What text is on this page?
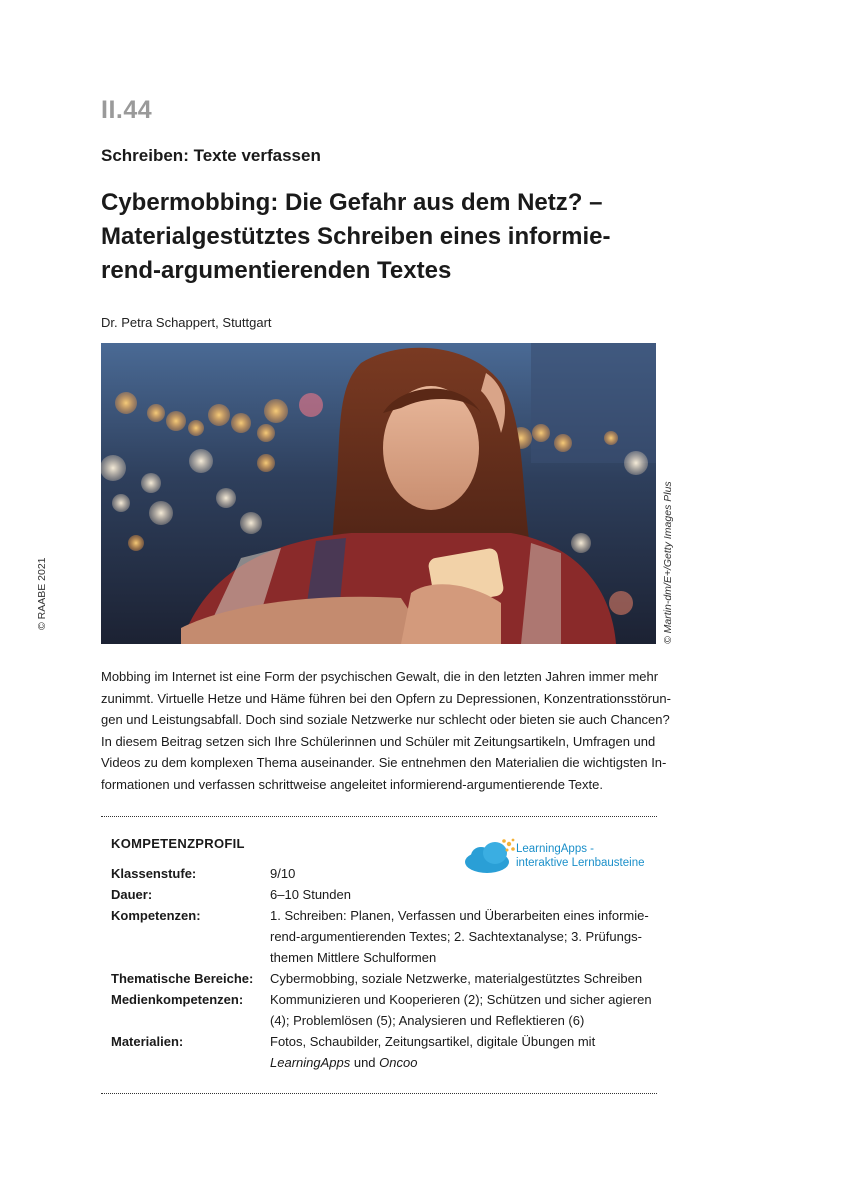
II.44
Schreiben: Texte verfassen
Cybermobbing: Die Gefahr aus dem Netz? –
Materialgestütztes Schreiben eines informie-
rend-argumentierenden Textes
Dr. Petra Schappert, Stuttgart
© Martin-dm/E+/Getty Images Plus
© RAABE 2021

Mobbing im Internet ist eine Form der psychischen Gewalt, die in den letzten Jahren immer mehr
zunimmt. Virtuelle Hetze und Häme führen bei den Opfern zu Depressionen, Konzentrationsstörun-
gen und Leistungsabfall. Doch sind soziale Netzwerke nur schlecht oder bieten sie auch Chancen?
In diesem Beitrag setzen sich Ihre Schülerinnen und Schüler mit Zeitungsartikeln, Umfragen und
Videos zu dem komplexen Thema auseinander. Sie entnehmen den Materialien die wichtigsten In-
formationen und verfassen schrittweise angeleitet informierend-argumentierende Texte.

KOMPETENZPROFIL	LearningApps -
interaktive Lernbausteine
Klassenstufe:	9/10
Dauer:	6–10 Stunden
Kompetenzen:	1. Schreiben: Planen, Verfassen und Überarbeiten eines informie-
rend-argumentierenden Textes; 2. Sachtextanalyse; 3. Prüfungs-
themen Mittlere Schulformen
Thematische Bereiche: Cybermobbing, soziale Netzwerke, materialgestütztes Schreiben
Medienkompetenzen: Kommunizieren und Kooperieren (2); Schützen und sicher agieren
(4); Problemlösen (5); Analysieren und Reflektieren (6)
Materialien:	Fotos, Schaubilder, Zeitungsartikel, digitale Übungen mit
LearningApps und Oncoo
